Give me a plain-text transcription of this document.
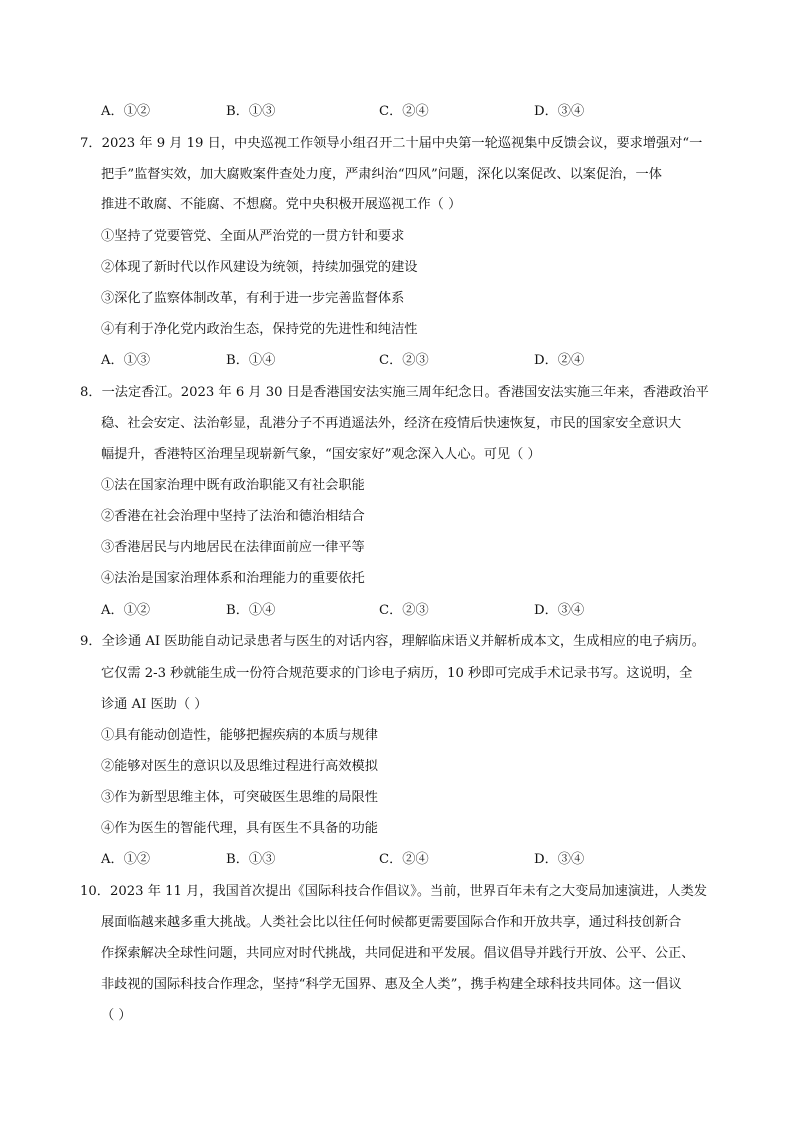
A．①②	B．①③	C．②④	D．③④
7．2023 年 9 月 19 日，中央巡视工作领导小组召开二十届中央第一轮巡视集中反馈会议，要求增强对“一
把手”监督实效，加大腐败案件查处力度，严肃纠治“四风”问题，深化以案促改、以案促治，一体
推进不敢腐、不能腐、不想腐。党中央积极开展巡视工作（ ）
①坚持了党要管党、全面从严治党的一贯方针和要求
②体现了新时代以作风建设为统领，持续加强党的建设
③深化了监察体制改革，有利于进一步完善监督体系
④有利于净化党内政治生态，保持党的先进性和纯洁性
A．①③	B．①④	C．②③	D．②④
8．一法定香江。2023 年 6 月 30 日是香港国安法实施三周年纪念日。香港国安法实施三年来，香港政治平
稳、社会安定、法治彰显，乱港分子不再逍遥法外，经济在疫情后快速恢复，市民的国家安全意识大
幅提升，香港特区治理呈现崭新气象，“国安家好”观念深入人心。可见（ ）
①法在国家治理中既有政治职能又有社会职能
②香港在社会治理中坚持了法治和德治相结合
③香港居民与内地居民在法律面前应一律平等
④法治是国家治理体系和治理能力的重要依托
A．①②	B．①④	C．②③	D．③④
9．全诊通 AI 医助能自动记录患者与医生的对话内容，理解临床语义并解析成本文，生成相应的电子病历。
它仅需 2-3 秒就能生成一份符合规范要求的门诊电子病历，10 秒即可完成手术记录书写。这说明，全
诊通 AI 医助（ ）
①具有能动创造性，能够把握疾病的本质与规律
②能够对医生的意识以及思维过程进行高效模拟
③作为新型思维主体，可突破医生思维的局限性
④作为医生的智能代理，具有医生不具备的功能
A．①②	B．①③	C．②④	D．③④
10．2023 年 11 月，我国首次提出《国际科技合作倡议》。当前，世界百年未有之大变局加速演进，人类发
展面临越来越多重大挑战。人类社会比以往任何时候都更需要国际合作和开放共享，通过科技创新合
作探索解决全球性问题，共同应对时代挑战，共同促进和平发展。倡议倡导并践行开放、公平、公正、
非歧视的国际科技合作理念，坚持“科学无国界、惠及全人类”，携手构建全球科技共同体。这一倡议
（ ）
